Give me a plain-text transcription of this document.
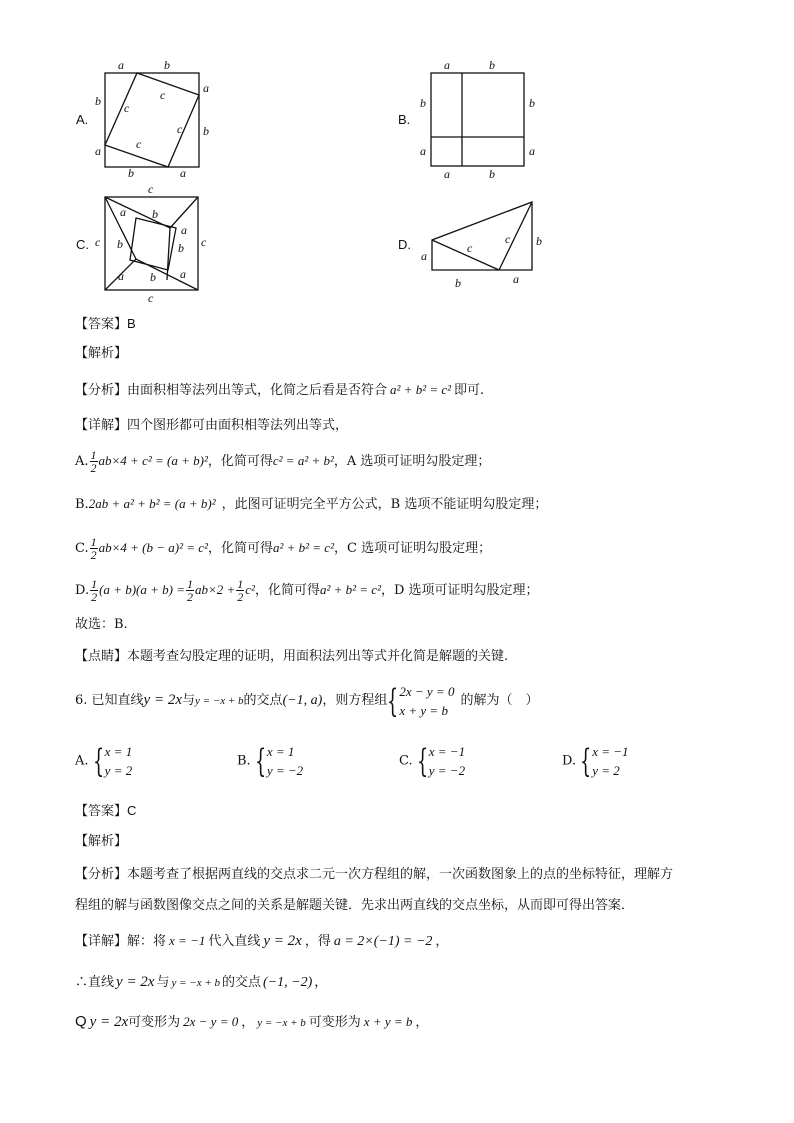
A.
a	b
a
b
b	a
b
a
c
c
c
c
B.
a	b
b	b
a	a
a	b
C.
c
c
c	c
a b
b
a
a
b
b a
D.
a
b	a
b
c
c
【答案】B
【解析】
【分析】由面积相等法列出等式，化简之后看是否符合 a² + b² = c² 即可.
【详解】四个图形都可由面积相等法列出等式，
A. $\frac{1}{2} ab\times 4 + c^2 = (a + b)^2$，化简可得c² = a² + b²，A 选项可证明勾股定理；
B.2ab + a² + b² = (a + b)² ，此图可证明完全平方公式，B 选项不能证明勾股定理；
C. $\frac{1}{2} ab\times 4 + (b - a)^2 = c^2$，化简可得a² + b² = c²，C 选项可证明勾股定理；
D. $\frac{1}{2} (a + b)(a + b) = \frac{1}{2} ab\times 2 + \frac{1}{2} c^2$，化简可得a² + b² = c²，D 选项可证明勾股定理；
故选：B.
【点睛】本题考查勾股定理的证明，用面积法列出等式并化简是解题的关键.
6. 已知直线y = 2x与y = −x + b的交点(−1, a)，则方程组 { 2x − y = 0
x + y = b
的解为（　）
A. { x = 1
y = 2
B. { x = 1
y = −2
C. { x = −1
y = −2
D. { x = −1
y = 2
【答案】C
【解析】
【分析】本题考查了根据两直线的交点求二元一次方程组的解，一次函数图象上的点的坐标特征，理解方
程组的解与函数图像交点之间的关系是解题关键．先求出两直线的交点坐标，从而即可得出答案．
【详解】解：将 x = −1 代入直线 y = 2x ，得 a = 2×(−1) = −2 ，
∴直线 y = 2x 与 y = −x + b 的交点 (−1, −2) ，
Q y = 2x可变形为 2x − y = 0 ， y = −x + b 可变形为 x + y = b ，
